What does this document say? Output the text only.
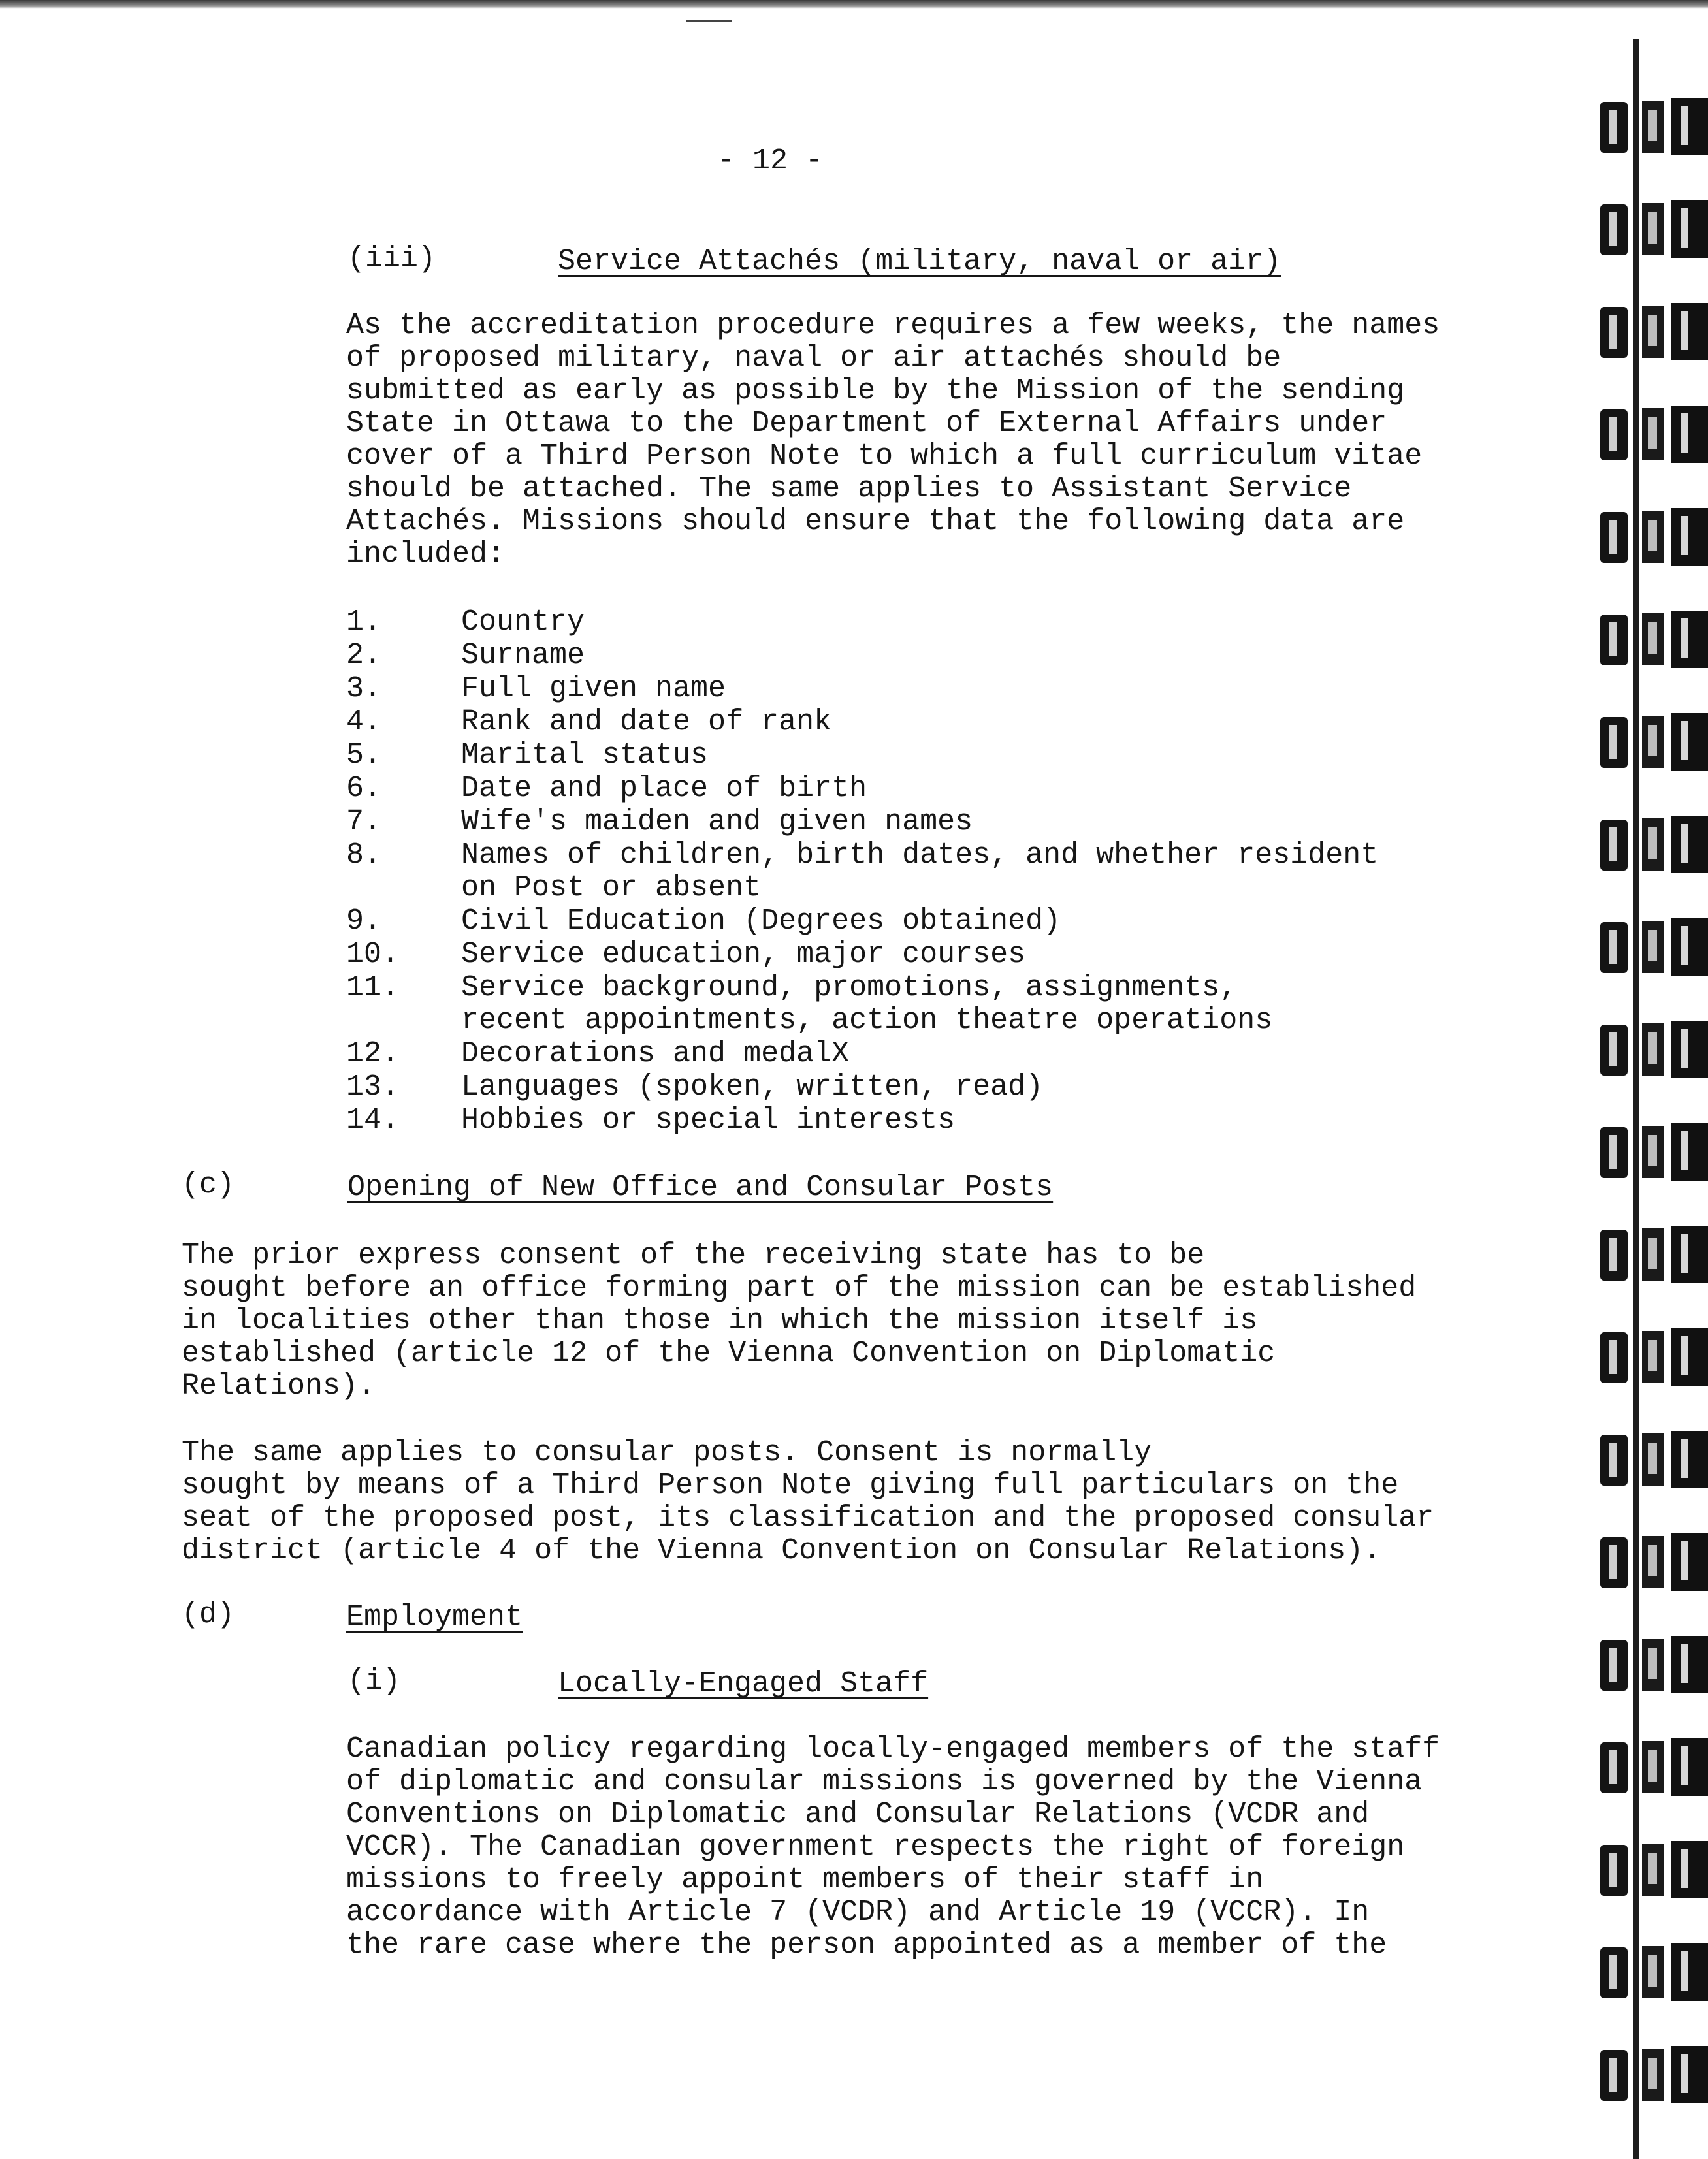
- 12 -
(iii)	Service Attachés (military, naval or air)
As the accreditation procedure requires a few weeks, the names
of proposed military, naval or air attachés should be
submitted as early as possible by the Mission of the sending
State in Ottawa to the Department of External Affairs under
cover of a Third Person Note to which a full curriculum vitae
should be attached. The same applies to Assistant Service
Attachés. Missions should ensure that the following data are
included:
1.	Country
2.	Surname
3.	Full given name
4.	Rank and date of rank
5.	Marital status
6.	Date and place of birth
7.	Wife's maiden and given names
8.	Names of children, birth dates, and whether resident
on Post or absent
9.	Civil Education (Degrees obtained)
10. Service education, major courses
11. Service background, promotions, assignments,
recent appointments, action theatre operations
12. Decorations and medalX
13. Languages (spoken, written, read)
14. Hobbies or special interests
(c)	Opening of New Office and Consular Posts
The prior express consent of the receiving state has to be
sought before an office forming part of the mission can be established
in localities other than those in which the mission itself is
established (article 12 of the Vienna Convention on Diplomatic
Relations).
The same applies to consular posts. Consent is normally
sought by means of a Third Person Note giving full particulars on the
seat of the proposed post, its classification and the proposed consular
district (article 4 of the Vienna Convention on Consular Relations).
(d)	Employment
(i)	Locally-Engaged Staff
Canadian policy regarding locally-engaged members of the staff
of diplomatic and consular missions is governed by the Vienna
Conventions on Diplomatic and Consular Relations (VCDR and
VCCR). The Canadian government respects the right of foreign
missions to freely appoint members of their staff in
accordance with Article 7 (VCDR) and Article 19 (VCCR). In
the rare case where the person appointed as a member of the
